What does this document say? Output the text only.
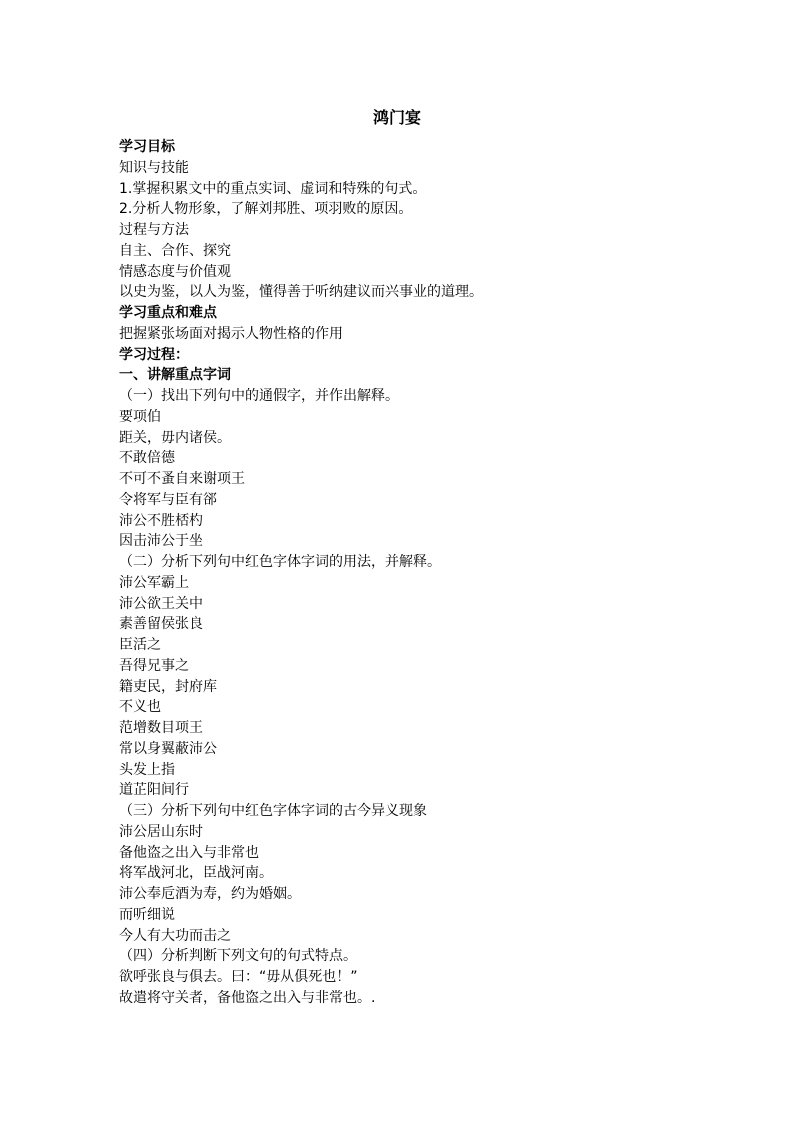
鸿门宴
学习目标
知识与技能
1.掌握积累文中的重点实词、虚词和特殊的句式。
2.分析人物形象，了解刘邦胜、项羽败的原因。
过程与方法
自主、合作、探究
情感态度与价值观
以史为鉴，以人为鉴，懂得善于听纳建议而兴事业的道理。
学习重点和难点
把握紧张场面对揭示人物性格的作用
学习过程：
一、讲解重点字词
（一）找出下列句中的通假字，并作出解释。
要项伯
距关，毋内诸侯。
不敢倍德
不可不蚤自来谢项王
令将军与臣有郤
沛公不胜桮杓
因击沛公于坐
（二）分析下列句中红色字体字词的用法，并解释。
沛公军霸上
沛公欲王关中
素善留侯张良
臣活之
吾得兄事之
籍吏民，封府库
不义也
范增数目项王
常以身翼蔽沛公
头发上指
道芷阳间行
（三）分析下列句中红色字体字词的古今异义现象
沛公居山东时
备他盗之出入与非常也
将军战河北，臣战河南。
沛公奉卮酒为寿，约为婚姻。
而听细说
今人有大功而击之
（四）分析判断下列文句的句式特点。
欲呼张良与俱去。曰：“毋从俱死也！”
故遣将守关者，备他盗之出入与非常也。.
